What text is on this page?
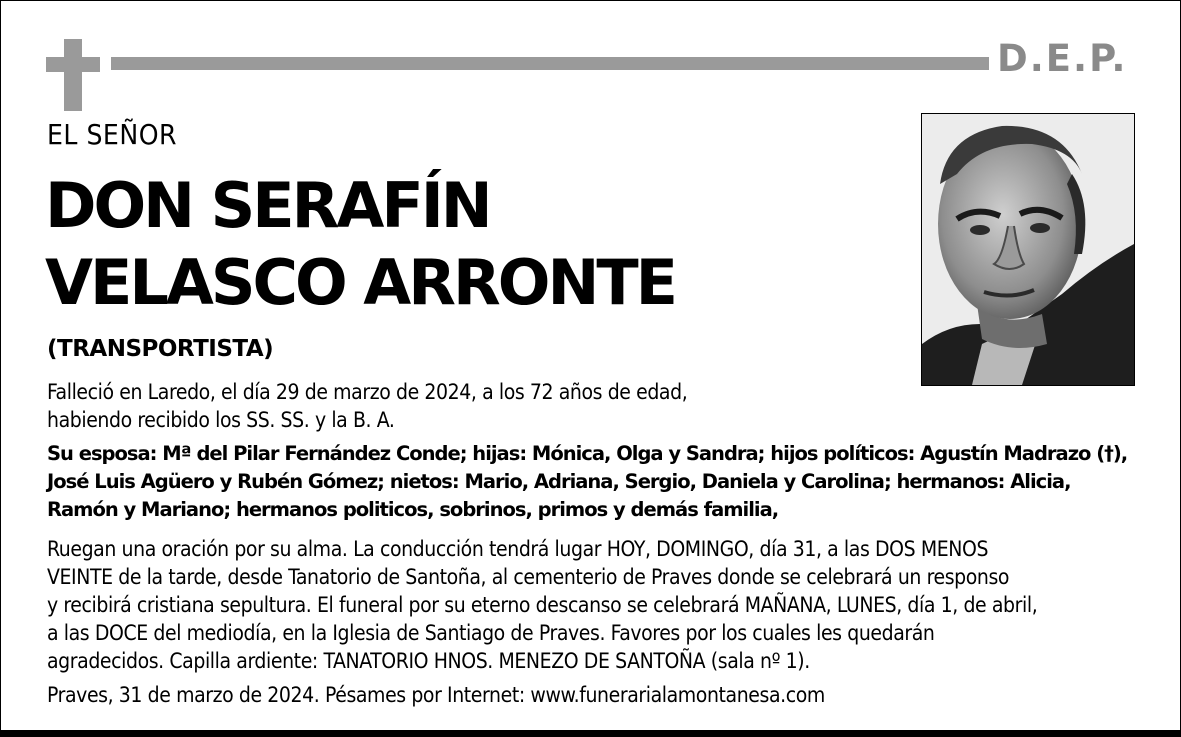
D.E.P.
EL SEÑOR
DON SERAFÍN
VELASCO ARRONTE
(TRANSPORTISTA)
Falleció en Laredo, el día 29 de marzo de 2024, a los 72 años de edad,
habiendo recibido los SS. SS. y la B. A.
Su esposa: Mª del Pilar Fernández Conde; hijas: Mónica, Olga y Sandra; hijos políticos: Agustín Madrazo (†),
José Luis Agüero y Rubén Gómez; nietos: Mario, Adriana, Sergio, Daniela y Carolina; hermanos: Alicia,
Ramón y Mariano; hermanos politicos, sobrinos, primos y demás familia,
Ruegan una oración por su alma. La conducción tendrá lugar HOY, DOMINGO, día 31, a las DOS MENOS
VEINTE de la tarde, desde Tanatorio de Santoña, al cementerio de Praves donde se celebrará un responso
y recibirá cristiana sepultura. El funeral por su eterno descanso se celebrará MAÑANA, LUNES, día 1, de abril,
a las DOCE del mediodía, en la Iglesia de Santiago de Praves. Favores por los cuales les quedarán
agradecidos. Capilla ardiente: TANATORIO HNOS. MENEZO DE SANTOÑA (sala nº 1).
Praves, 31 de marzo de 2024. Pésames por Internet: www.funerarialamontanesa.com
